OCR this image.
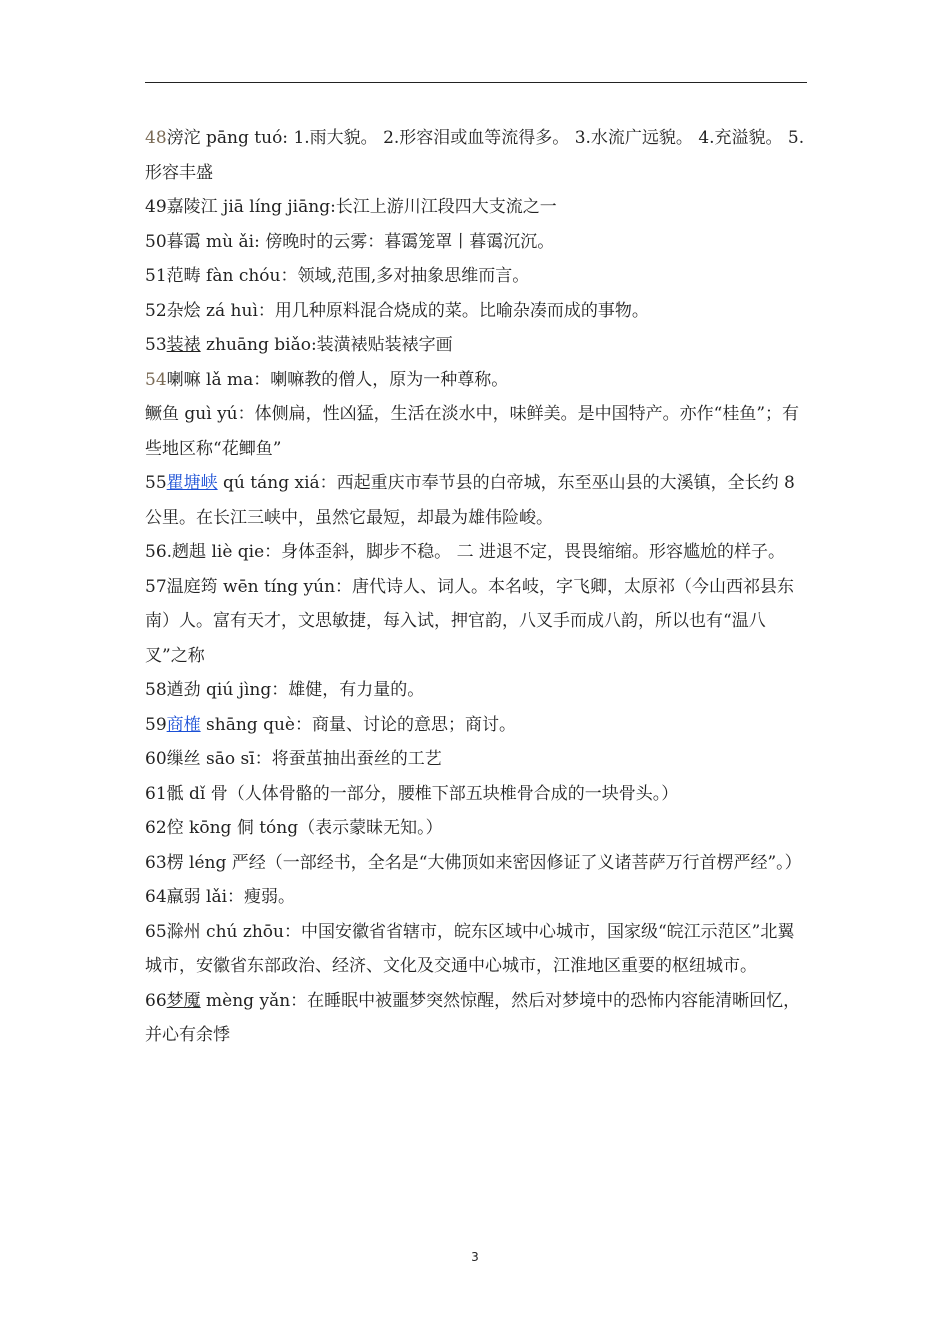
48滂沱 pāng tuó: 1.雨大貌。 2.形容泪或血等流得多。 3.水流广远貌。 4.充溢貌。 5.形容丰盛

49嘉陵江 jiā líng jiāng:长江上游川江段四大支流之一

50暮霭 mù ǎi: 傍晚时的云雾：暮霭笼罩丨暮霭沉沉。

51范畴 fàn chóu：领域,范围,多对抽象思维而言。

52杂烩 zá huì：用几种原料混合烧成的菜。比喻杂凑而成的事物。

53装裱 zhuāng biǎo:装潢裱贴装裱字画

54喇嘛 lǎ ma：喇嘛教的僧人，原为一种尊称。

鳜鱼 guì yú：体侧扁，性凶猛，生活在淡水中，味鲜美。是中国特产。亦作“桂鱼”；有些地区称“花鲫鱼”

55瞿塘峡 qú táng xiá：西起重庆市奉节县的白帝城，东至巫山县的大溪镇，全长约 8 公里。在长江三峡中，虽然它最短，却最为雄伟险峻。

56.趔趄 liè qie：身体歪斜，脚步不稳。 二 进退不定，畏畏缩缩。形容尴尬的样子。

57温庭筠 wēn tíng yún：唐代诗人、词人。本名岐，字飞卿，太原祁（今山西祁县东南）人。富有天才，文思敏捷，每入试，押官韵，八叉手而成八韵，所以也有“温八叉”之称

58遒劲 qiú jìng：雄健，有力量的。

59商榷 shāng què：商量、讨论的意思；商讨。

60缫丝 sāo sī：将蚕茧抽出蚕丝的工艺

61骶 dǐ 骨（人体骨骼的一部分，腰椎下部五块椎骨合成的一块骨头。）

62倥 kōng 侗 tóng（表示蒙昧无知。）

63楞 léng 严经（一部经书，全名是“大佛顶如来密因修证了义诸菩萨万行首楞严经”。）

64羸弱 lǎi：瘦弱。

65滁州 chú zhōu：中国安徽省省辖市，皖东区域中心城市，国家级“皖江示范区”北翼城市，安徽省东部政治、经济、文化及交通中心城市，江淮地区重要的枢纽城市。

66梦魇 mèng yǎn：在睡眠中被噩梦突然惊醒，然后对梦境中的恐怖内容能清晰回忆，并心有余悸

3
